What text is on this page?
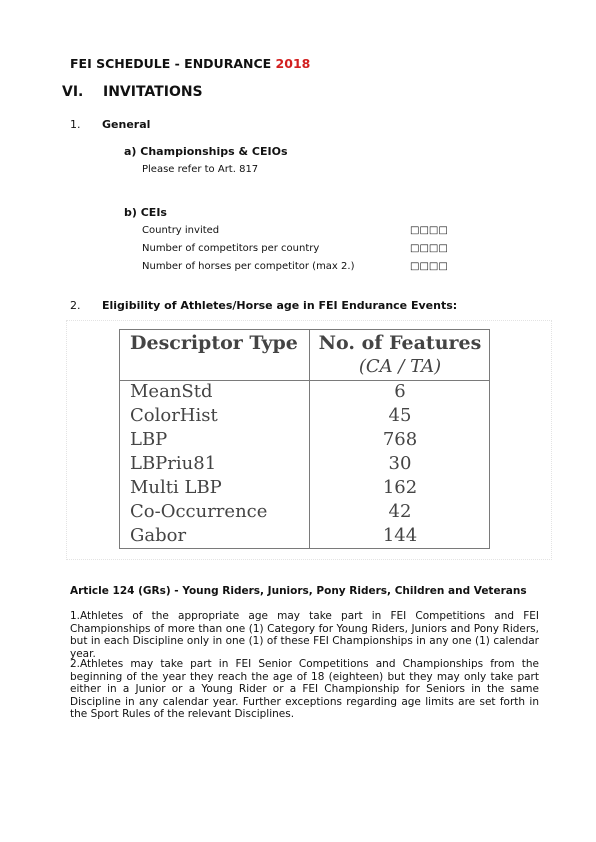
FEI SCHEDULE - ENDURANCE 2018
VI. INVITATIONS
1. General
a) Championships & CEIOs
Please refer to Art. 817
b) CEIs
Country invited	□□□□
Number of competitors per country	□□□□
Number of horses per competitor (max 2.)	□□□□
2. Eligibility of Athletes/Horse age in FEI Endurance Events:
Descriptor Type	No. of Features
(CA / TA)
MeanStd	6
ColorHist	45
LBP	768
LBPriu81	30
Multi LBP	162
Co-Occurrence	42
Gabor	144
Article 124 (GRs) - Young Riders, Juniors, Pony Riders, Children and Veterans
1.Athletes of the appropriate age may take part in FEI Competitions and FEI Championships of more than one (1) Category for Young Riders, Juniors and Pony Riders, but in each Discipline only in one (1) of these FEI Championships in any one (1) calendar year.
2.Athletes may take part in FEI Senior Competitions and Championships from the beginning of the year they reach the age of 18 (eighteen) but they may only take part either in a Junior or a Young Rider or a FEI Championship for Seniors in the same Discipline in any calendar year. Further exceptions regarding age limits are set forth in the Sport Rules of the relevant Disciplines.
